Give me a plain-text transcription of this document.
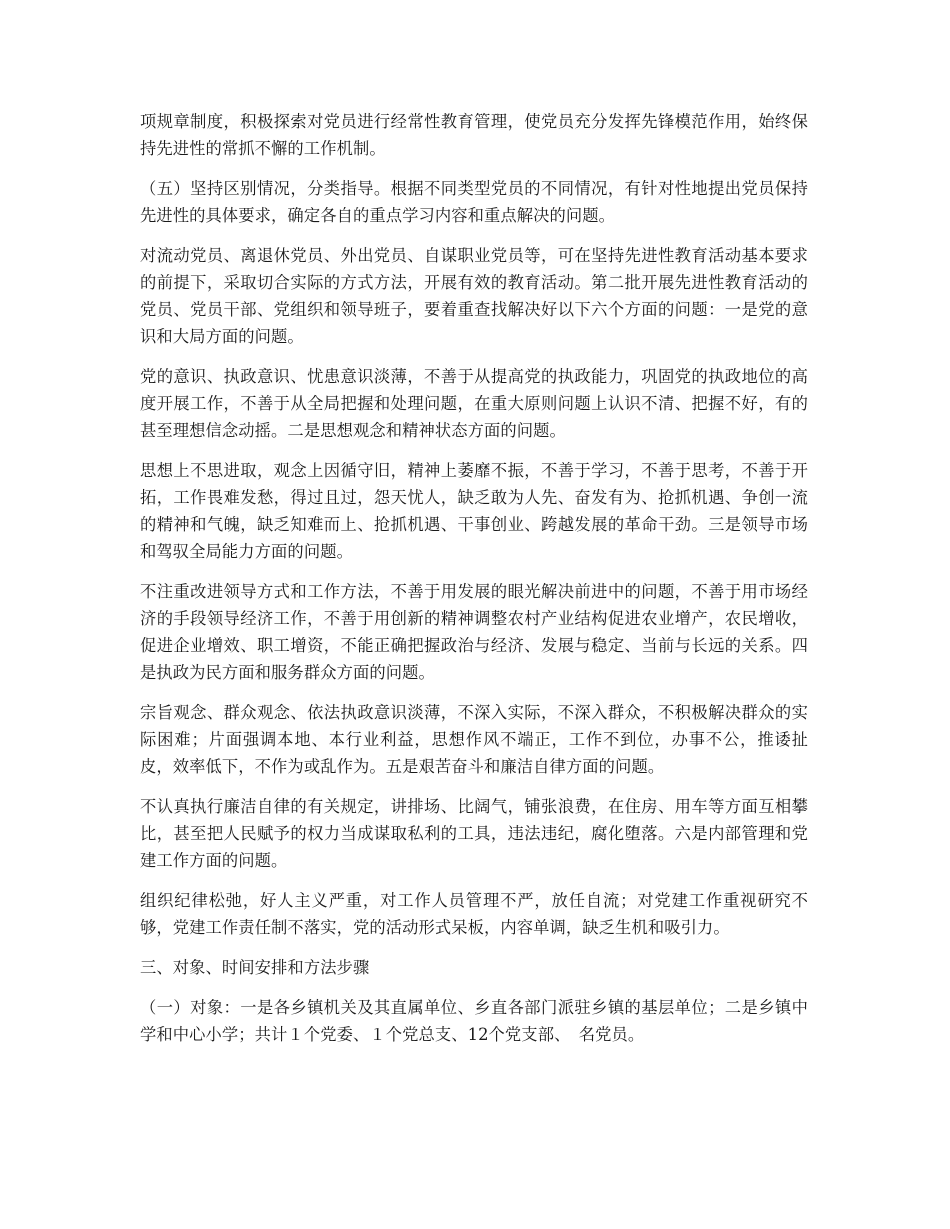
项规章制度，积极探索对党员进行经常性教育管理，使党员充分发挥先锋模范作用，始终保持先进性的常抓不懈的工作机制。

（五）坚持区别情况，分类指导。根据不同类型党员的不同情况，有针对性地提出党员保持先进性的具体要求，确定各自的重点学习内容和重点解决的问题。

对流动党员、离退休党员、外出党员、自谋职业党员等，可在坚持先进性教育活动基本要求的前提下，采取切合实际的方式方法，开展有效的教育活动。第二批开展先进性教育活动的党员、党员干部、党组织和领导班子，要着重查找解决好以下六个方面的问题：一是党的意识和大局方面的问题。

党的意识、执政意识、忧患意识淡薄，不善于从提高党的执政能力，巩固党的执政地位的高度开展工作，不善于从全局把握和处理问题，在重大原则问题上认识不清、把握不好，有的甚至理想信念动摇。二是思想观念和精神状态方面的问题。

思想上不思进取，观念上因循守旧，精神上萎靡不振，不善于学习，不善于思考，不善于开拓，工作畏难发愁，得过且过，怨天忧人，缺乏敢为人先、奋发有为、抢抓机遇、争创一流的精神和气魄，缺乏知难而上、抢抓机遇、干事创业、跨越发展的革命干劲。三是领导市场和驾驭全局能力方面的问题。

不注重改进领导方式和工作方法，不善于用发展的眼光解决前进中的问题，不善于用市场经济的手段领导经济工作，不善于用创新的精神调整农村产业结构促进农业增产，农民增收，促进企业增效、职工增资，不能正确把握政治与经济、发展与稳定、当前与长远的关系。四是执政为民方面和服务群众方面的问题。

宗旨观念、群众观念、依法执政意识淡薄，不深入实际，不深入群众，不积极解决群众的实际困难；片面强调本地、本行业利益，思想作风不端正，工作不到位，办事不公，推诿扯皮，效率低下，不作为或乱作为。五是艰苦奋斗和廉洁自律方面的问题。

不认真执行廉洁自律的有关规定，讲排场、比阔气，铺张浪费，在住房、用车等方面互相攀比，甚至把人民赋予的权力当成谋取私利的工具，违法违纪，腐化堕落。六是内部管理和党建工作方面的问题。

组织纪律松弛，好人主义严重，对工作人员管理不严，放任自流；对党建工作重视研究不够，党建工作责任制不落实，党的活动形式呆板，内容单调，缺乏生机和吸引力。

三、对象、时间安排和方法步骤

（一）对象：一是各乡镇机关及其直属单位、乡直各部门派驻乡镇的基层单位；二是乡镇中学和中心小学；共计１个党委、１个党总支、12个党支部、　名党员。
